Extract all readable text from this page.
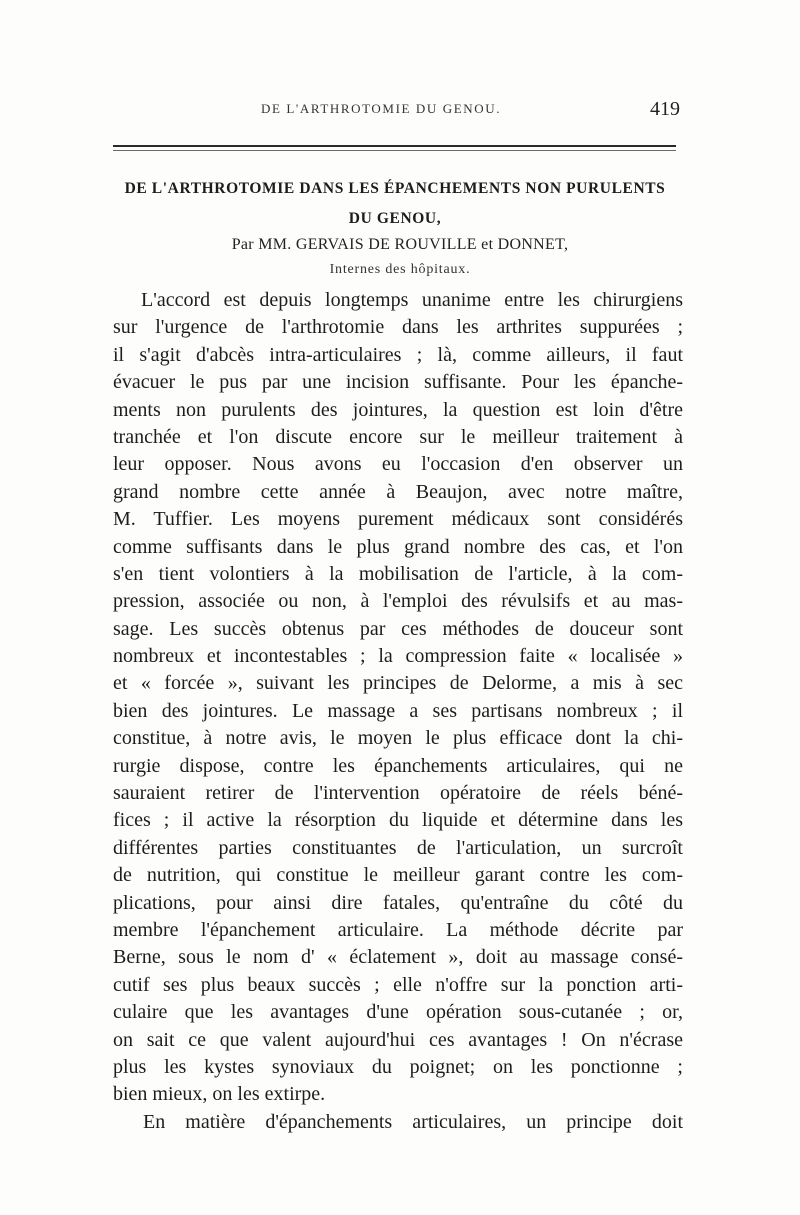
DE L'ARTHROTOMIE DU GENOU.	419
DE L'ARTHROTOMIE DANS LES ÉPANCHEMENTS NON PURULENTS
DU GENOU,
Par MM. GERVAIS DE ROUVILLE et DONNET,
Internes des hôpitaux.
L'accord est depuis longtemps unanime entre les chirurgiens
sur l'urgence de l'arthrotomie dans les arthrites suppurées ;
il s'agit d'abcès intra-articulaires ; là, comme ailleurs, il faut
évacuer le pus par une incision suffisante. Pour les épanche-
ments non purulents des jointures, la question est loin d'être
tranchée et l'on discute encore sur le meilleur traitement à
leur opposer. Nous avons eu l'occasion d'en observer un
grand nombre cette année à Beaujon, avec notre maître,
M. Tuffier. Les moyens purement médicaux sont considérés
comme suffisants dans le plus grand nombre des cas, et l'on
s'en tient volontiers à la mobilisation de l'article, à la com-
pression, associée ou non, à l'emploi des révulsifs et au mas-
sage. Les succès obtenus par ces méthodes de douceur sont
nombreux et incontestables ; la compression faite « localisée »
et « forcée », suivant les principes de Delorme, a mis à sec
bien des jointures. Le massage a ses partisans nombreux ; il
constitue, à notre avis, le moyen le plus efficace dont la chi-
rurgie dispose, contre les épanchements articulaires, qui ne
sauraient retirer de l'intervention opératoire de réels béné-
fices ; il active la résorption du liquide et détermine dans les
différentes parties constituantes de l'articulation, un surcroît
de nutrition, qui constitue le meilleur garant contre les com-
plications, pour ainsi dire fatales, qu'entraîne du côté du
membre l'épanchement articulaire. La méthode décrite par
Berne, sous le nom d' « éclatement », doit au massage consé-
cutif ses plus beaux succès ; elle n'offre sur la ponction arti-
culaire que les avantages d'une opération sous-cutanée ; or,
on sait ce que valent aujourd'hui ces avantages ! On n'écrase
plus les kystes synoviaux du poignet; on les ponctionne ;
bien mieux, on les extirpe.
En matière d'épanchements articulaires, un principe doit
